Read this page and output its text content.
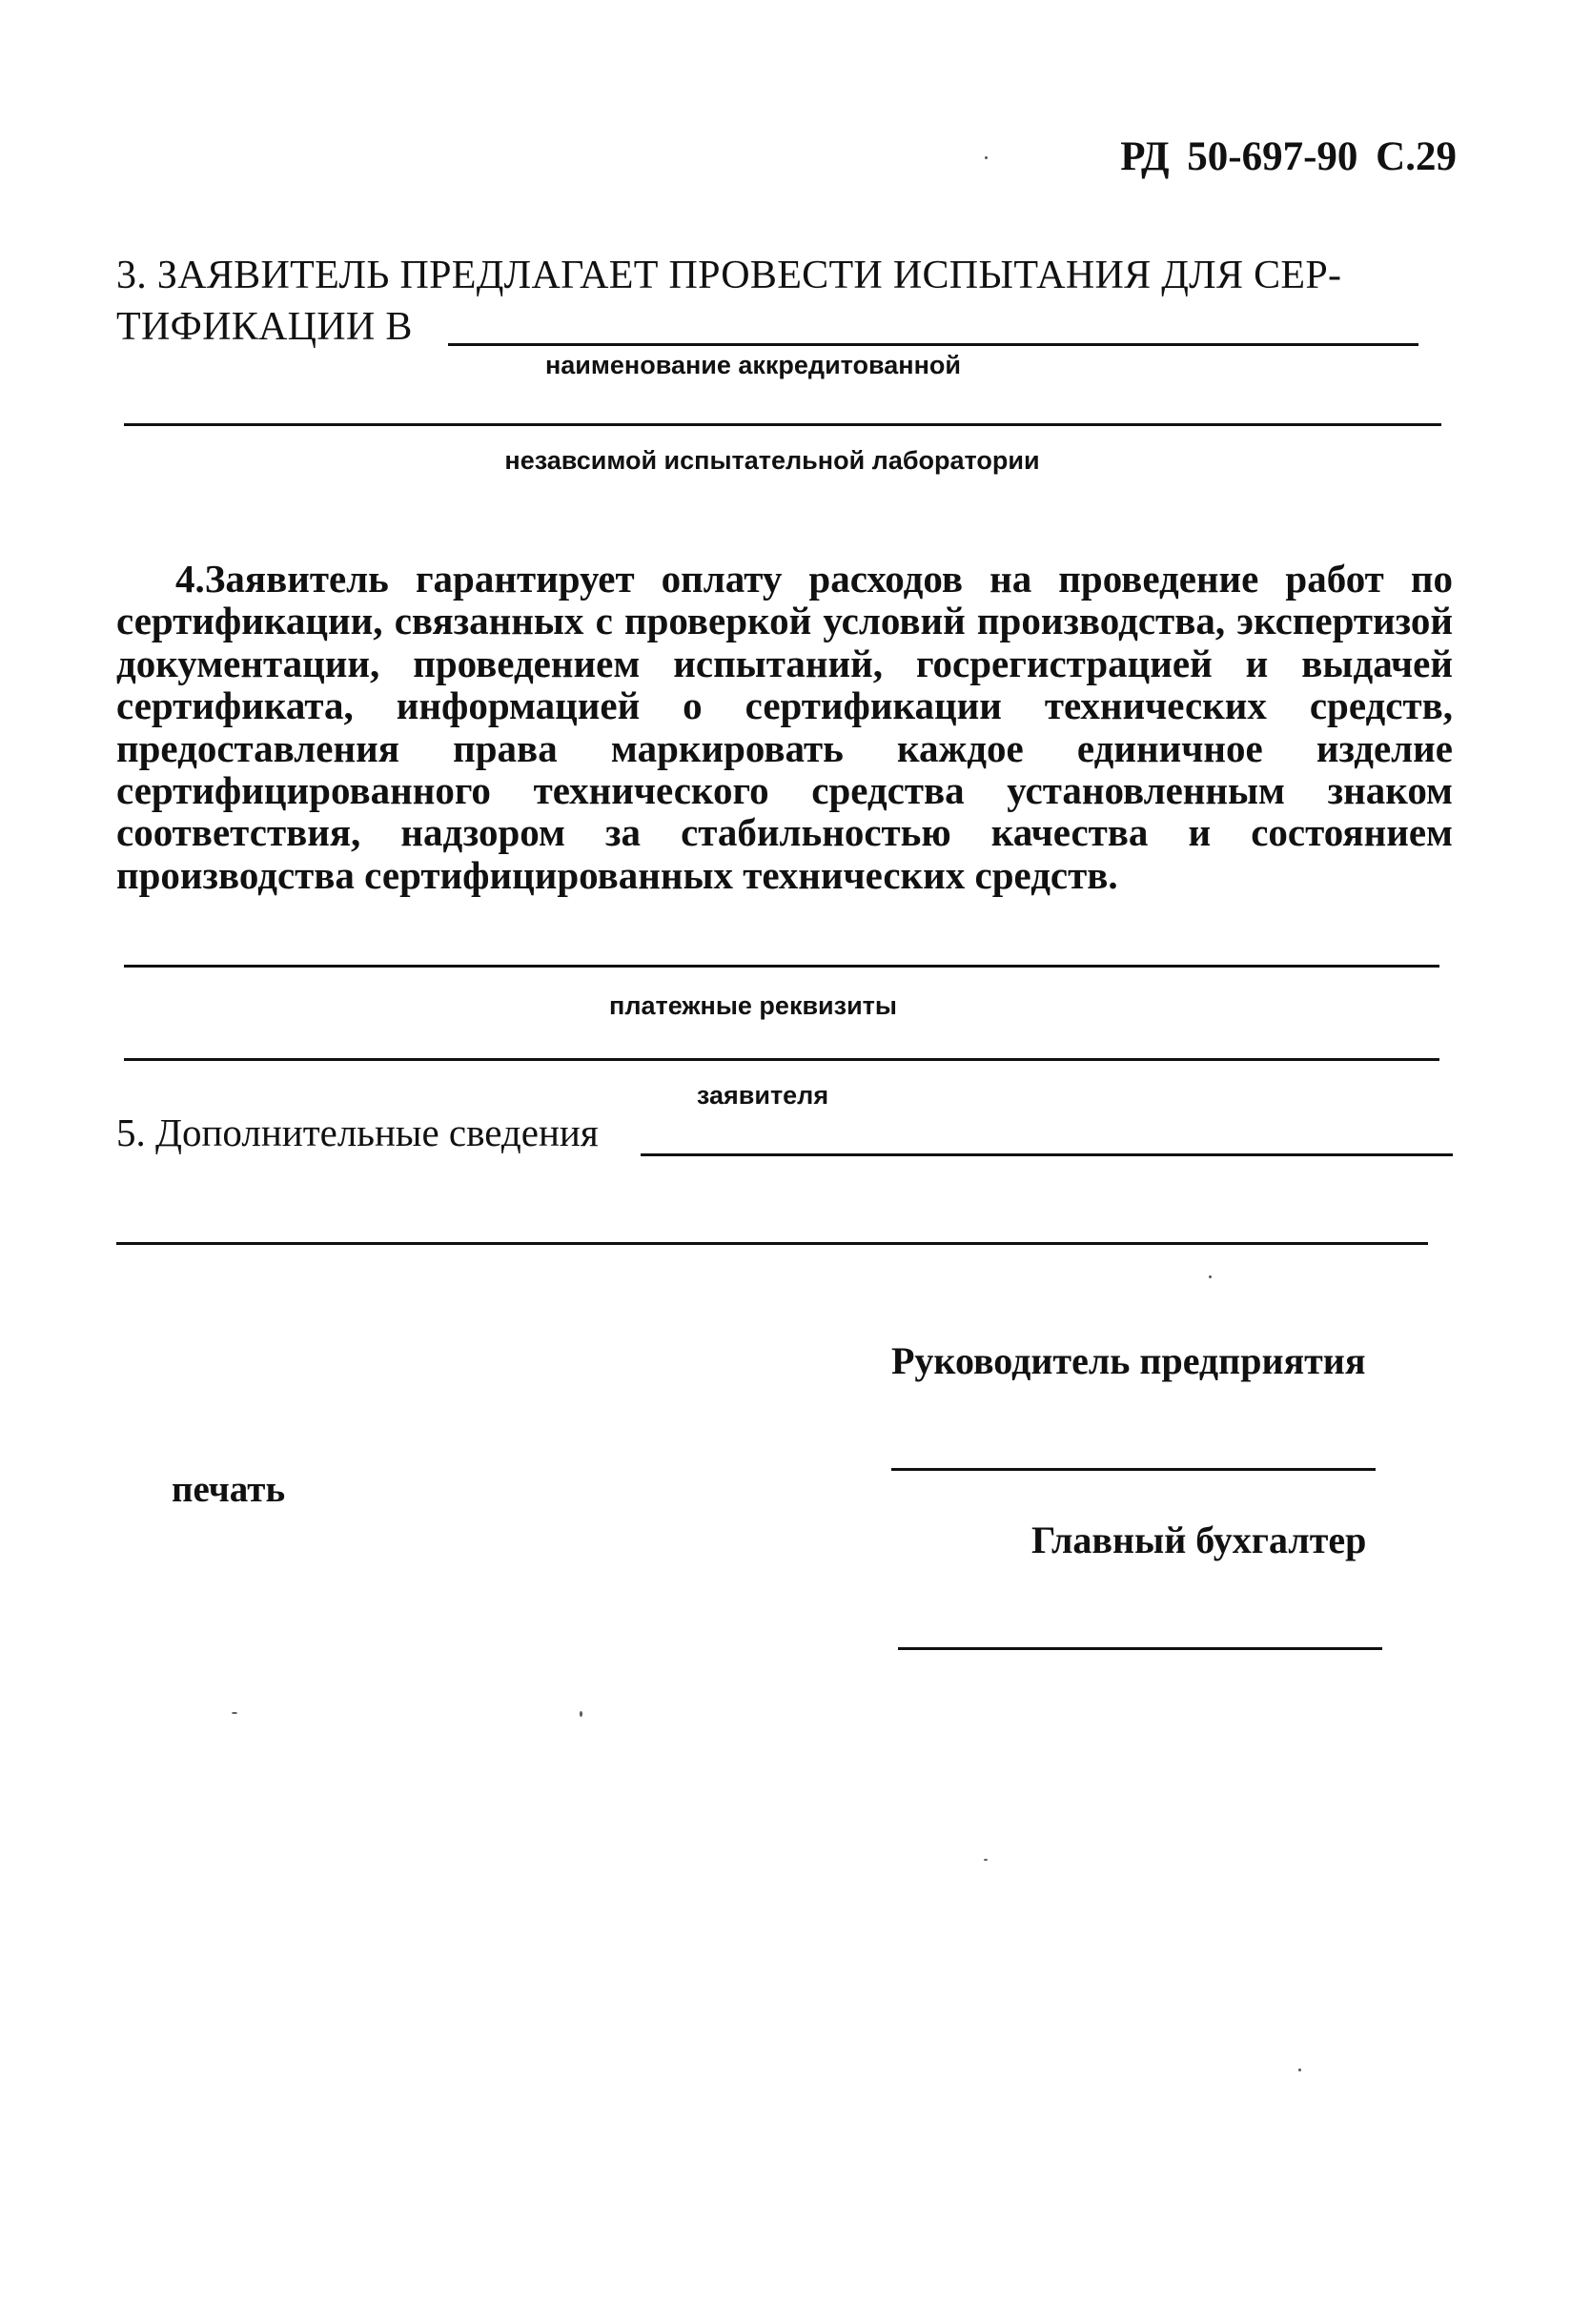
РД 50-697-90 С.29
3. ЗАЯВИТЕЛЬ ПРЕДЛАГАЕТ ПРОВЕСТИ ИСПЫТАНИЯ ДЛЯ СЕР-
ТИФИКАЦИИ В
наименование аккредитованной
незавсимой испытательной лаборатории
4.Заявитель гарантирует оплату расходов на проведение работ по сертификации, связанных с проверкой условий производства, экспертизой документации, проведением испытаний, госрегистрацией и выдачей сертификата, информацией о сертификации технических средств, предоставления права маркировать каждое единичное изделие сертифицированного технического средства установленным знаком соответствия, надзором за стабильностью качества и состоянием производства сертифицированных технических средств.
платежные реквизиты
заявителя
5. Дополнительные сведения
Руководитель предприятия
печать
Главный бухгалтер
